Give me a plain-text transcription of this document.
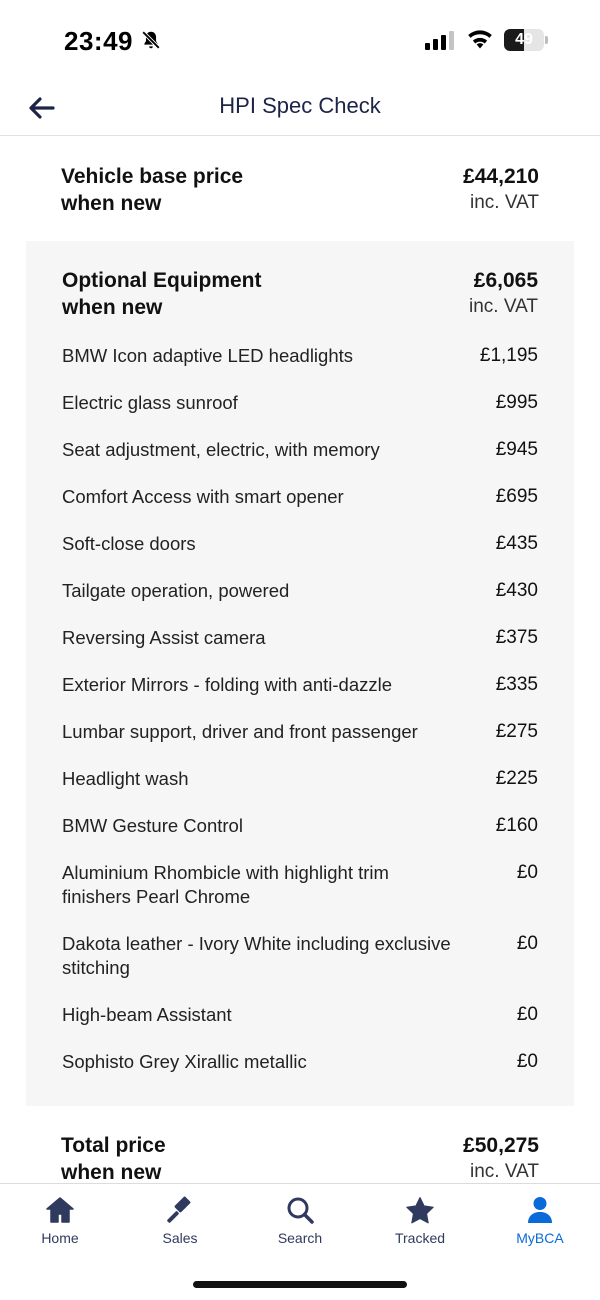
23:49	49
HPI Spec Check
Vehicle base price
when new
£44,210
inc. VAT
Optional Equipment
when new
£6,065
inc. VAT
BMW Icon adaptive LED headlights	£1,195
Electric glass sunroof	£995
Seat adjustment, electric, with memory	£945
Comfort Access with smart opener	£695
Soft-close doors	£435
Tailgate operation, powered	£430
Reversing Assist camera	£375
Exterior Mirrors - folding with anti-dazzle	£335
Lumbar support, driver and front passenger	£275
Headlight wash	£225
BMW Gesture Control	£160
Aluminium Rhombicle with highlight trim finishers Pearl Chrome
£0
Dakota leather - Ivory White including exclusive stitching
£0
High-beam Assistant	£0
Sophisto Grey Xirallic metallic	£0
Total price
when new
£50,275
inc. VAT
Home	Sales	Search	Tracked	MyBCA
